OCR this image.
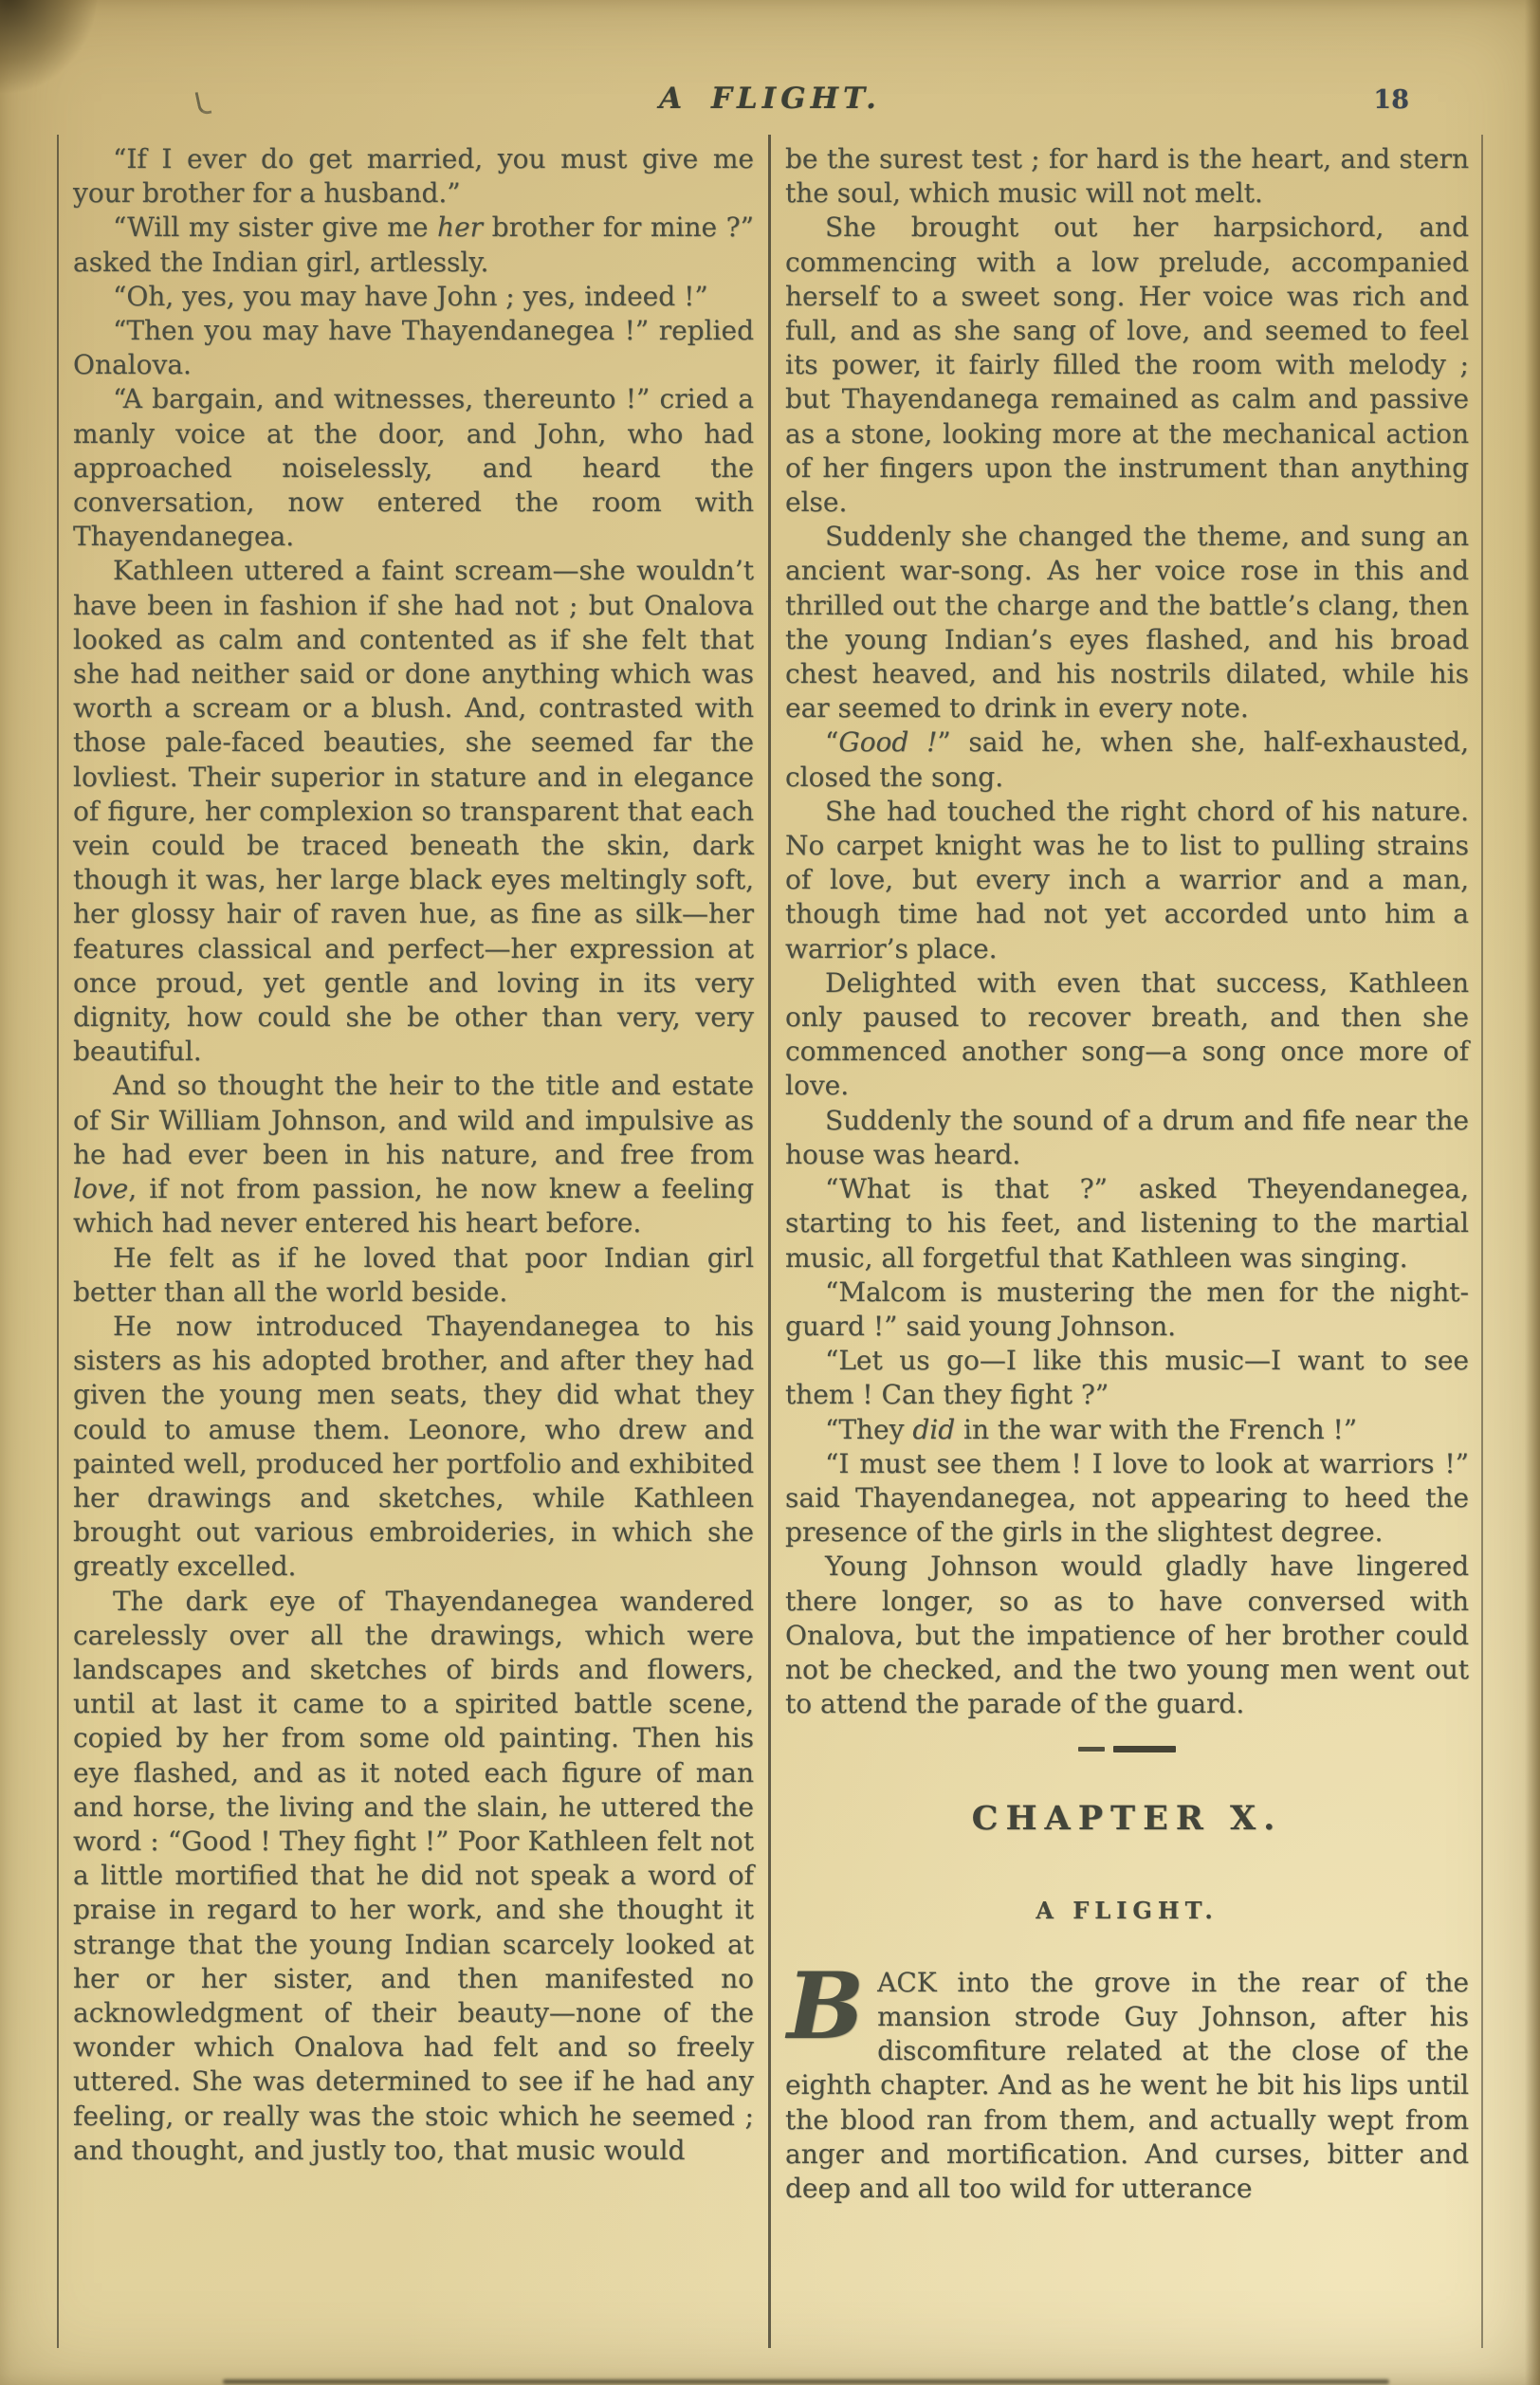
A FLIGHT.	18

“If I ever do get married, you must give me your brother for a husband.”

“Will my sister give me her brother for mine ?” asked the Indian girl, artlessly.

“Oh, yes, you may have John ; yes, indeed !”

“Then you may have Thayendanegea !” replied Onalova.

“A bargain, and witnesses, thereunto !” cried a manly voice at the door, and John, who had approached noiselessly, and heard the conversation, now entered the room with Thayendanegea.

Kathleen uttered a faint scream—she wouldn’t have been in fashion if she had not ; but Onalova looked as calm and contented as if she felt that she had neither said or done anything which was worth a scream or a blush. And, contrasted with those pale-faced beauties, she seemed far the lovliest. Their superior in stature and in elegance of figure, her complexion so transparent that each vein could be traced beneath the skin, dark though it was, her large black eyes meltingly soft, her glossy hair of raven hue, as fine as silk—her features classical and perfect—her expression at once proud, yet gentle and loving in its very dignity, how could she be other than very, very beautiful.

And so thought the heir to the title and estate of Sir William Johnson, and wild and impulsive as he had ever been in his nature, and free from love, if not from passion, he now knew a feeling which had never entered his heart before.

He felt as if he loved that poor Indian girl better than all the world beside.

He now introduced Thayendanegea to his sisters as his adopted brother, and after they had given the young men seats, they did what they could to amuse them. Leonore, who drew and painted well, produced her portfolio and exhibited her drawings and sketches, while Kathleen brought out various embroideries, in which she greatly excelled.

The dark eye of Thayendanegea wandered carelessly over all the drawings, which were landscapes and sketches of birds and flowers, until at last it came to a spirited battle scene, copied by her from some old painting. Then his eye flashed, and as it noted each figure of man and horse, the living and the slain, he uttered the word : “Good ! They fight !” Poor Kathleen felt not a little mortified that he did not speak a word of praise in regard to her work, and she thought it strange that the young Indian scarcely looked at her or her sister, and then manifested no acknowledgment of their beauty—none of the wonder which Onalova had felt and so freely uttered. She was determined to see if he had any feeling, or really was the stoic which he seemed ; and thought, and justly too, that music would

be the surest test ; for hard is the heart, and stern the soul, which music will not melt.

She brought out her harpsichord, and commencing with a low prelude, accompanied herself to a sweet song. Her voice was rich and full, and as she sang of love, and seemed to feel its power, it fairly filled the room with melody ; but Thayendanega remained as calm and passive as a stone, looking more at the mechanical action of her fingers upon the instrument than anything else.

Suddenly she changed the theme, and sung an ancient war-song. As her voice rose in this and thrilled out the charge and the battle’s clang, then the young Indian’s eyes flashed, and his broad chest heaved, and his nostrils dilated, while his ear seemed to drink in every note.

“Good !” said he, when she, half-exhausted, closed the song.

She had touched the right chord of his nature. No carpet knight was he to list to pulling strains of love, but every inch a warrior and a man, though time had not yet accorded unto him a warrior’s place.

Delighted with even that success, Kathleen only paused to recover breath, and then she commenced another song—a song once more of love.

Suddenly the sound of a drum and fife near the house was heard.

“What is that ?” asked Theyendanegea, starting to his feet, and listening to the martial music, all forgetful that Kathleen was singing.

“Malcom is mustering the men for the night-guard !” said young Johnson.

“Let us go—I like this music—I want to see them ! Can they fight ?”

“They did in the war with the French !”

“I must see them ! I love to look at warriors !” said Thayendanegea, not appearing to heed the presence of the girls in the slightest degree.

Young Johnson would gladly have lingered there longer, so as to have conversed with Onalova, but the impatience of her brother could not be checked, and the two young men went out to attend the parade of the guard.

CHAPTER X.
A FLIGHT.

BACK into the grove in the rear of the mansion strode Guy Johnson, after his discomfiture related at the close of the eighth chapter. And as he went he bit his lips until the blood ran from them, and actually wept from anger and mortification. And curses, bitter and deep and all too wild for utterance
